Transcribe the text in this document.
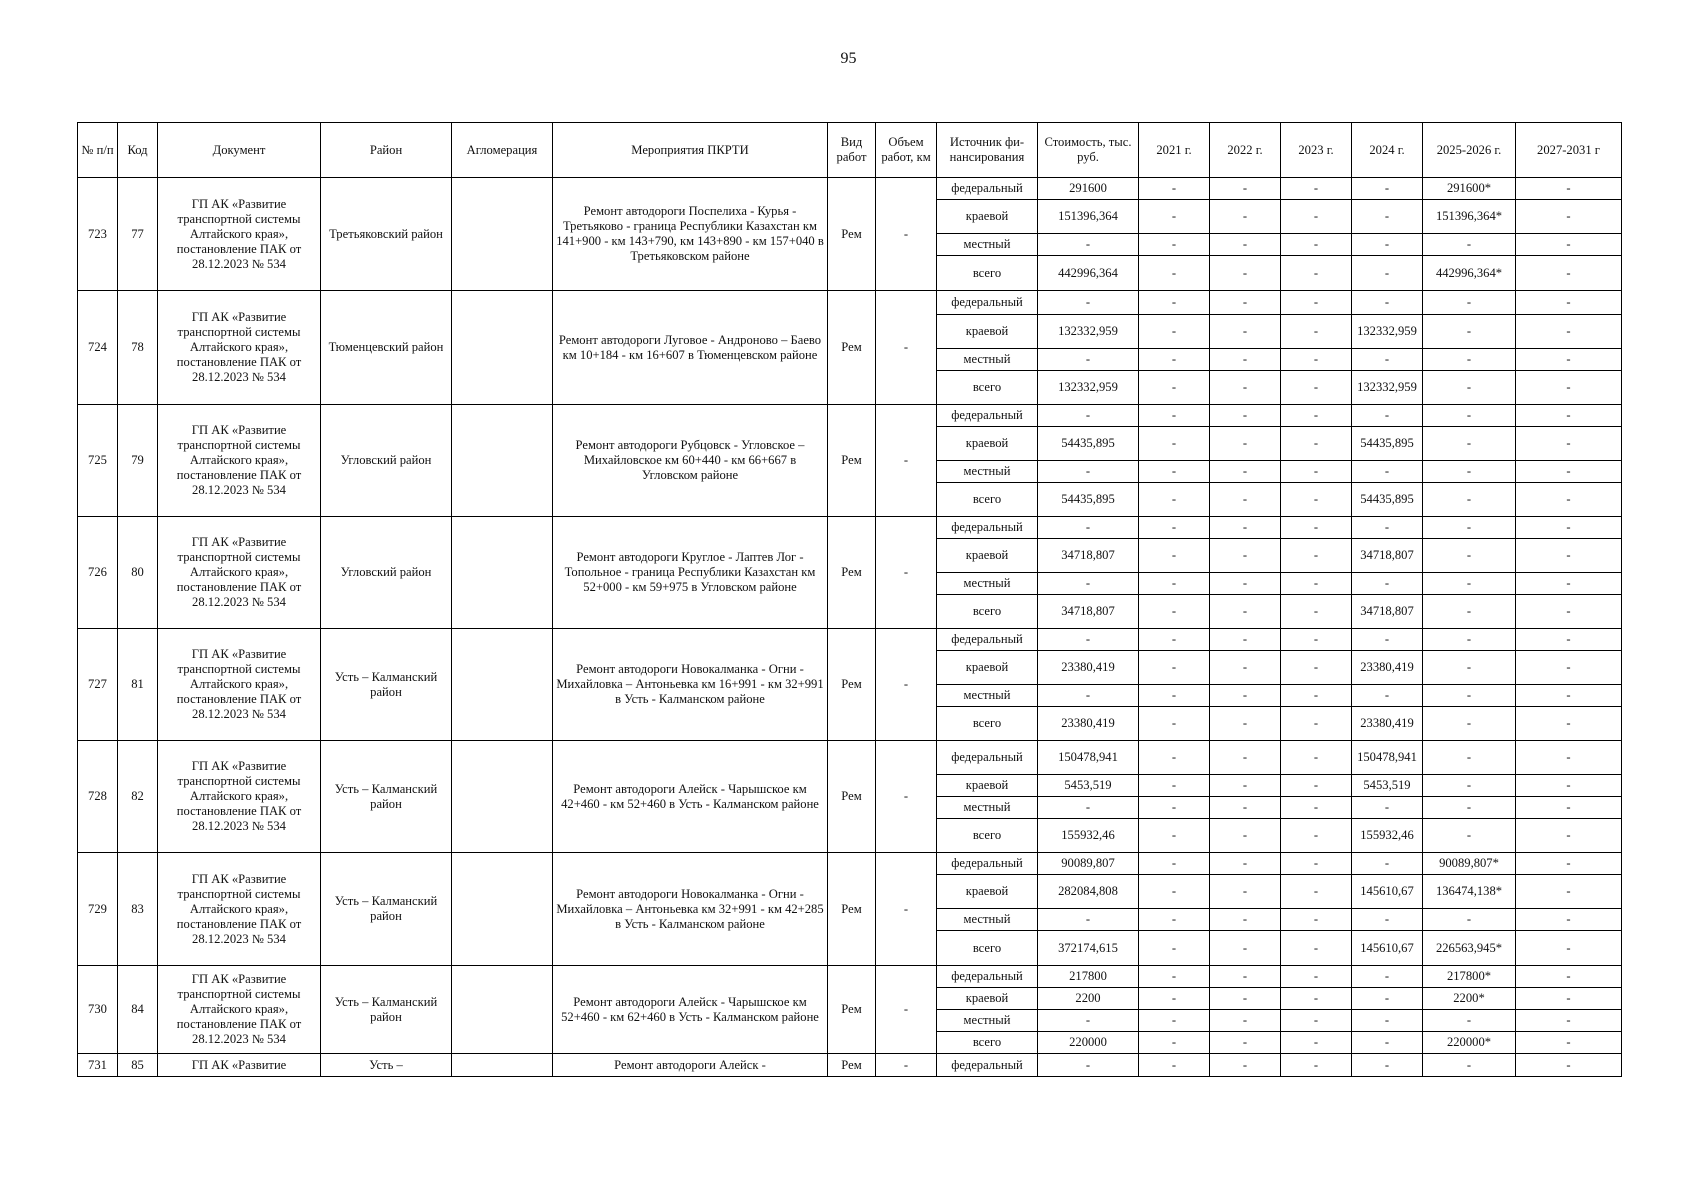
95
№ п/п	Код	Документ	Район	Агломерация	Мероприятия ПКРТИ	Вид работ	Объем работ, км	Источник фи-нансирования	Стоимость, тыс. руб.	2021 г.	2022 г.	2023 г.	2024 г.	2025-2026 г.	2027-2031 г
723	77	ГП АК «Развитие транспортной системы Алтайского края», постановление ПАК от 28.12.2023 № 534	Третьяковский район		Ремонт автодороги Поспелиха - Курья - Третьяково - граница Республики Казахстан км 141+900 - км 143+790, км 143+890 - км 157+040 в Третьяковском районе	Рем	-	федеральный	291600	-	-	-	-	291600*	-
								краевой	151396,364	-	-	-	-	151396,364*	-
								местный	-	-	-	-	-	-	-
								всего	442996,364	-	-	-	-	442996,364*	-
724	78	ГП АК «Развитие транспортной системы Алтайского края», постановление ПАК от 28.12.2023 № 534	Тюменцевский район		Ремонт автодороги Луговое - Андроново – Баево км 10+184 - км 16+607 в Тюменцевском районе	Рем	-	федеральный	-	-	-	-	-	-	-
								краевой	132332,959	-	-	-	132332,959	-	-
								местный	-	-	-	-	-	-	-
								всего	132332,959	-	-	-	132332,959	-	-
725	79	ГП АК «Развитие транспортной системы Алтайского края», постановление ПАК от 28.12.2023 № 534	Угловский район		Ремонт автодороги Рубцовск - Угловское – Михайловское км 60+440 - км 66+667 в Угловском районе	Рем	-	федеральный	-	-	-	-	-	-	-
								краевой	54435,895	-	-	-	54435,895	-	-
								местный	-	-	-	-	-	-	-
								всего	54435,895	-	-	-	54435,895	-	-
726	80	ГП АК «Развитие транспортной системы Алтайского края», постановление ПАК от 28.12.2023 № 534	Угловский район		Ремонт автодороги Круглое - Лаптев Лог - Топольное - граница Республики Казахстан км 52+000 - км 59+975 в Угловском районе	Рем	-	федеральный	-	-	-	-	-	-	-
								краевой	34718,807	-	-	-	34718,807	-	-
								местный	-	-	-	-	-	-	-
								всего	34718,807	-	-	-	34718,807	-	-
727	81	ГП АК «Развитие транспортной системы Алтайского края», постановление ПАК от 28.12.2023 № 534	Усть – Калманский район		Ремонт автодороги Новокалманка - Огни - Михайловка – Антоньевка км 16+991 - км 32+991 в Усть - Калманском районе	Рем	-	федеральный	-	-	-	-	-	-	-
								краевой	23380,419	-	-	-	23380,419	-	-
								местный	-	-	-	-	-	-	-
								всего	23380,419	-	-	-	23380,419	-	-
728	82	ГП АК «Развитие транспортной системы Алтайского края», постановление ПАК от 28.12.2023 № 534	Усть – Калманский район		Ремонт автодороги Алейск - Чарышское км 42+460 - км 52+460 в Усть - Калманском районе	Рем	-	федеральный	150478,941	-	-	-	150478,941	-	-
								краевой	5453,519	-	-	-	5453,519	-	-
								местный	-	-	-	-	-	-	-
								всего	155932,46	-	-	-	155932,46	-	-
729	83	ГП АК «Развитие транспортной системы Алтайского края», постановление ПАК от 28.12.2023 № 534	Усть – Калманский район		Ремонт автодороги Новокалманка - Огни - Михайловка – Антоньевка км 32+991 - км 42+285 в Усть - Калманском районе	Рем	-	федеральный	90089,807	-	-	-	-	90089,807*	-
								краевой	282084,808	-	-	-	145610,67	136474,138*	-
								местный	-	-	-	-	-	-	-
								всего	372174,615	-	-	-	145610,67	226563,945*	-
730	84	ГП АК «Развитие транспортной системы Алтайского края», постановление ПАК от 28.12.2023 № 534	Усть – Калманский район		Ремонт автодороги Алейск - Чарышское км 52+460 - км 62+460 в Усть - Калманском районе	Рем	-	федеральный	217800	-	-	-	-	217800*	-
								краевой	2200	-	-	-	-	2200*	-
								местный	-	-	-	-	-	-	-
								всего	220000	-	-	-	-	220000*	-
731	85	ГП АК «Развитие	Усть –		Ремонт автодороги Алейск -	Рем	-	федеральный	-	-	-	-	-	-	-
